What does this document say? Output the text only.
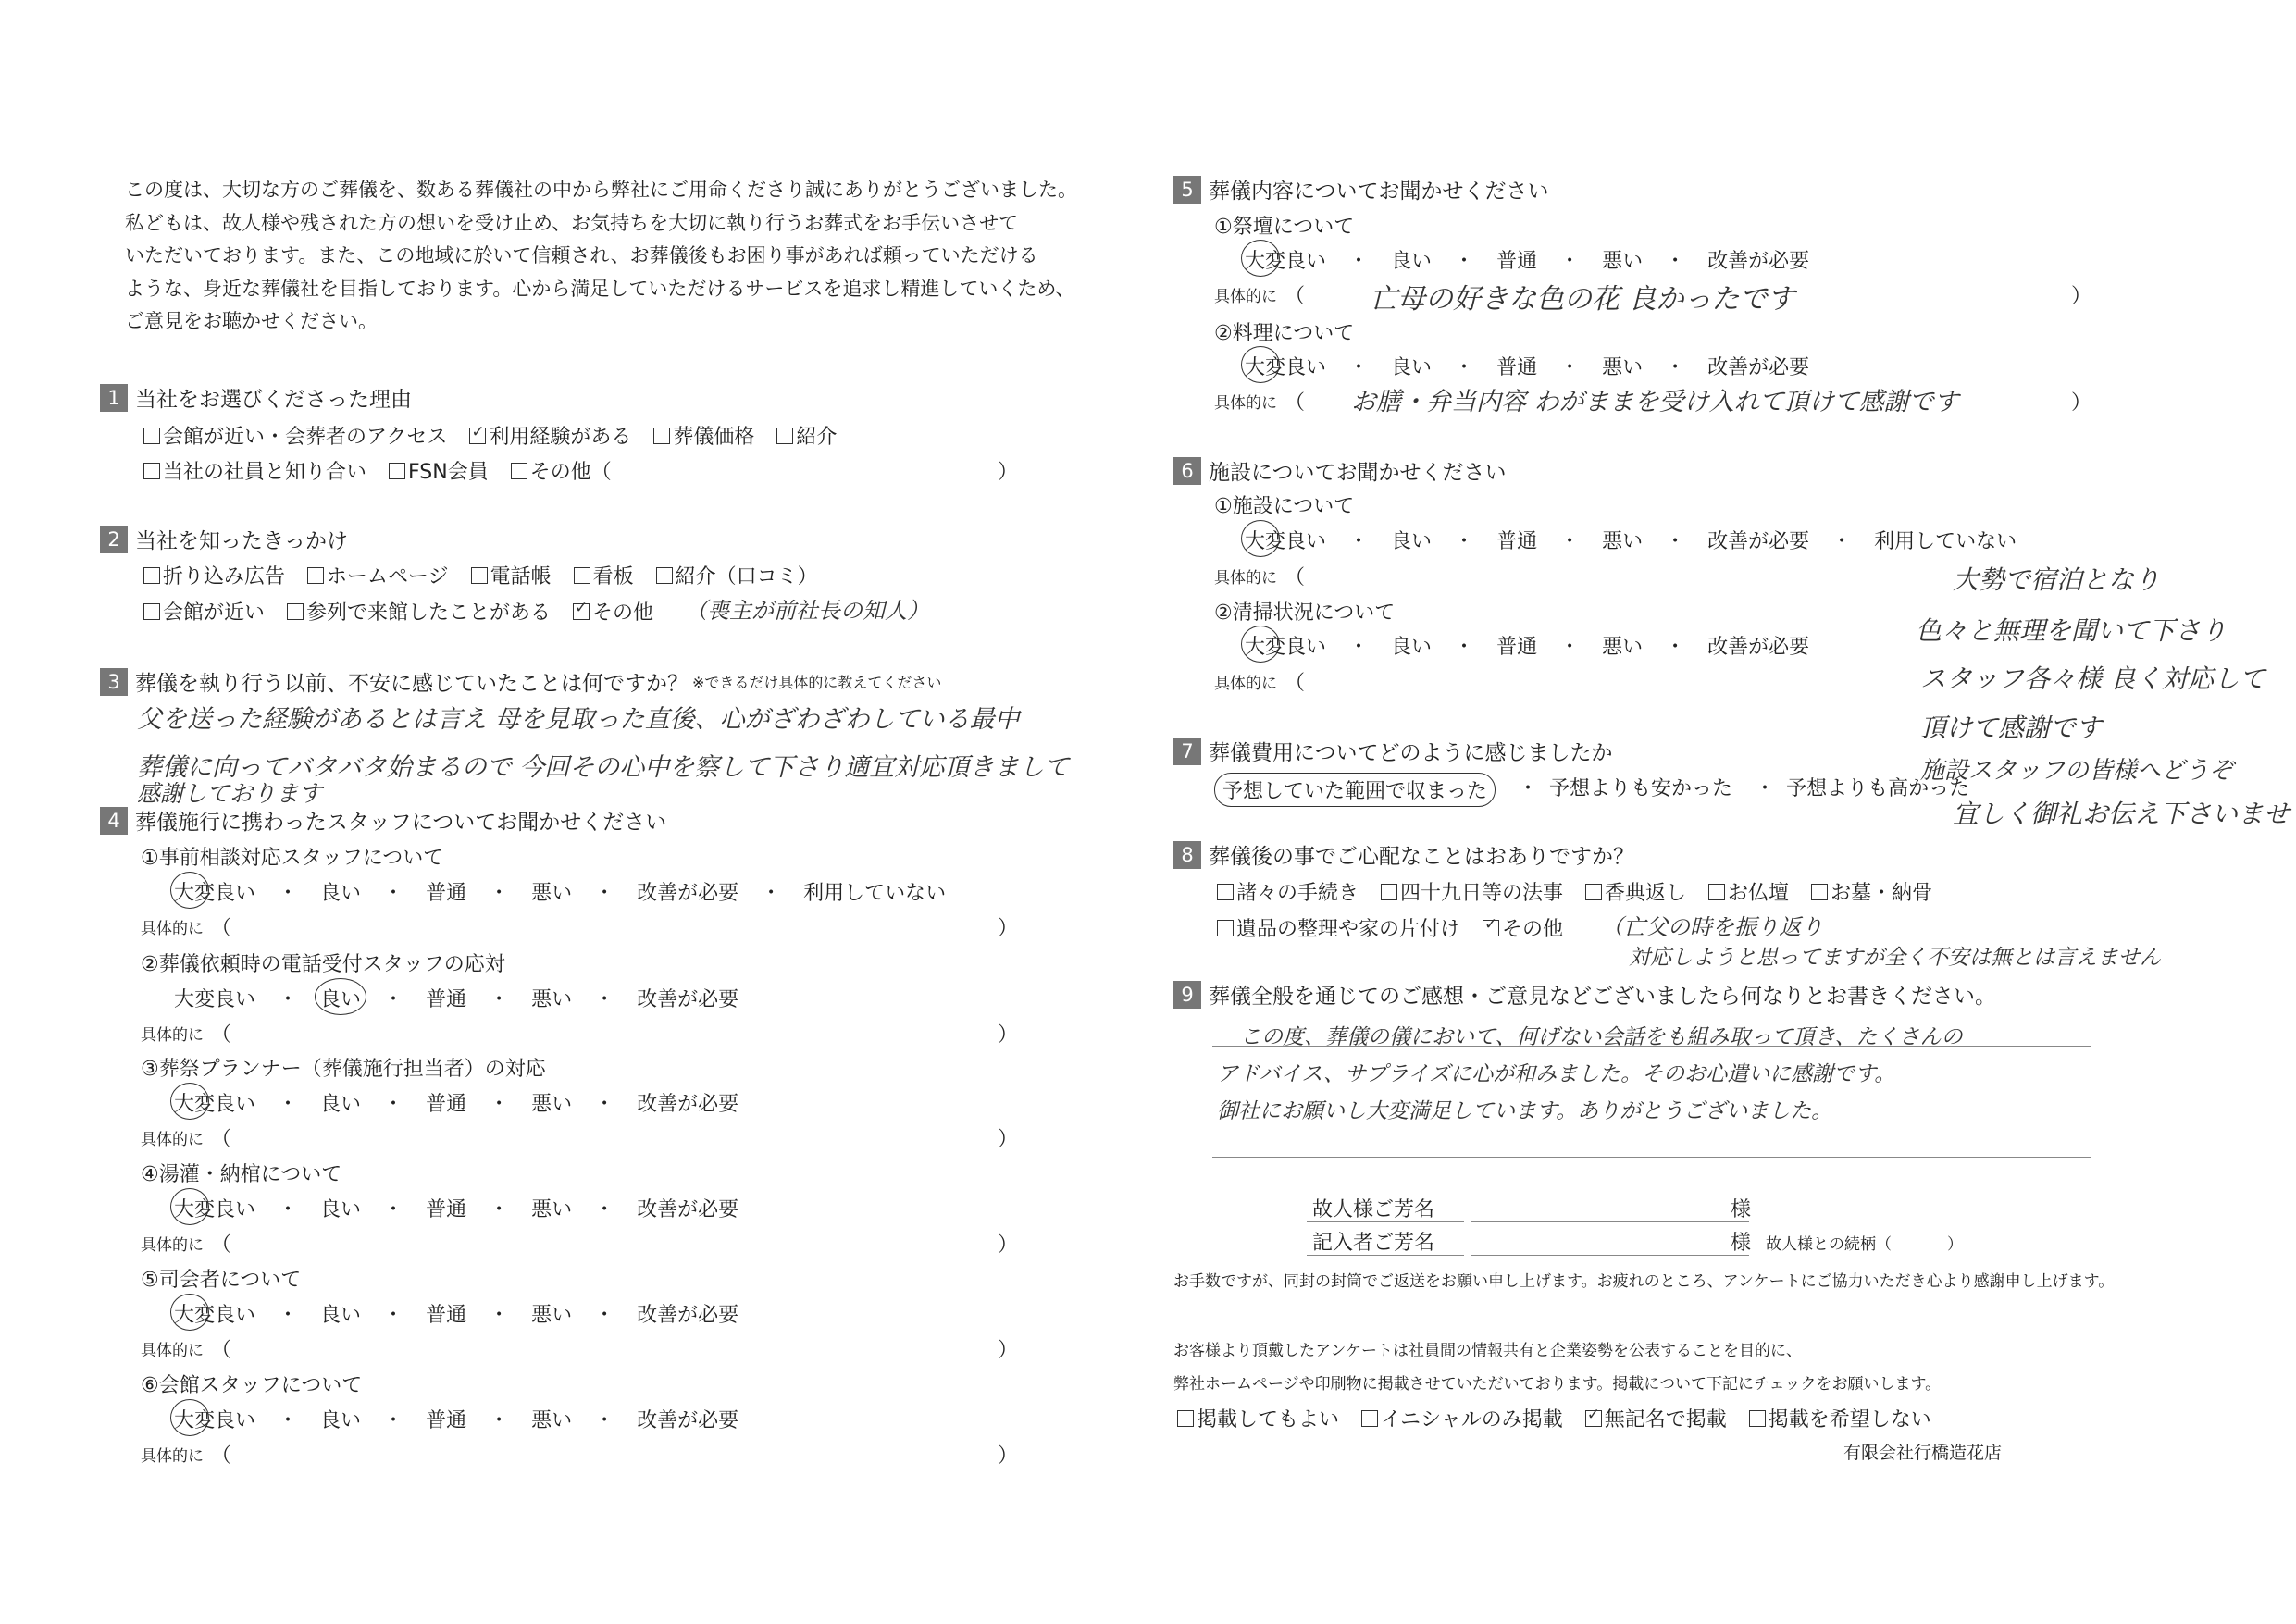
この度は、大切な方のご葬儀を、数ある葬儀社の中から弊社にご用命くださり誠にありがとうございました。
私どもは、故人様や残された方の想いを受け止め、お気持ちを大切に執り行うお葬式をお手伝いさせて
いただいております。また、この地域に於いて信頼され、お葬儀後もお困り事があれば頼っていただける
ような、身近な葬儀社を目指しております。心から満足していただけるサービスを追求し精進していくため、
ご意見をお聴かせください。
1 当社をお選びくださった理由
会館が近い・会葬者のアクセス ✓	利用経験がある	葬儀価格	紹介
当社の社員と知り合い	FSN会員	その他（	）
2 当社を知ったきっかけ
折り込み広告	ホームページ	電話帳	看板	紹介（口コミ）
会館が近い	参列で来館したことがある ✓	その他 （喪主が前社長の知人）
3 葬儀を執り行う以前、不安に感じていたことは何ですか？ ※できるだけ具体的に教えてください
父を送った経験があるとは言え 母を見取った直後、心がざわざわしている最中
葬儀に向ってバタバタ始まるので 今回その心中を察して下さり適宜対応頂きまして
感謝しております
4 葬儀施行に携わったスタッフについてお聞かせください
①事前相談対応スタッフについて
大変良い ・ 良い ・ 普通 ・ 悪い ・ 改善が必要 ・ 利用していない
具体的に （	）
②葬儀依頼時の電話受付スタッフの応対
大変良い ・ 良い ・ 普通 ・ 悪い ・ 改善が必要
具体的に （	）
③葬祭プランナー（葬儀施行担当者）の対応
大変良い ・ 良い ・ 普通 ・ 悪い ・ 改善が必要
具体的に （	）
④湯灌・納棺について
大変良い ・ 良い ・ 普通 ・ 悪い ・ 改善が必要
具体的に （	）
⑤司会者について
大変良い ・ 良い ・ 普通 ・ 悪い ・ 改善が必要
具体的に （	）
⑥会館スタッフについて
大変良い ・ 良い ・ 普通 ・ 悪い ・ 改善が必要
具体的に （	）
5 葬儀内容についてお聞かせください
①祭壇について
大変良い ・ 良い ・ 普通 ・ 悪い ・ 改善が必要
具体的に （	）
亡母の好きな色の花 良かったです
②料理について
大変良い ・ 良い ・ 普通 ・ 悪い ・ 改善が必要
具体的に （	）
お膳・弁当内容 わがままを受け入れて頂けて感謝です
6 施設についてお聞かせください
①施設について
大変良い ・ 良い ・ 普通 ・ 悪い ・ 改善が必要 ・ 利用していない
具体的に （
②清掃状況について
大変良い ・ 良い ・ 普通 ・ 悪い ・ 改善が必要
具体的に （
大勢で宿泊となり
色々と無理を聞いて下さり
スタッフ各々様 良く対応して
頂けて感謝です
施設スタッフの皆様へどうぞ
宜しく御礼お伝え下さいませ
7 葬儀費用についてどのように感じましたか
予想していた範囲で収まった	・ 予想よりも安かった ・ 予想よりも高かった
8 葬儀後の事でご心配なことはおありですか？
諸々の手続き	四十九日等の法事	香典返し	お仏壇	お墓・納骨
遺品の整理や家の片付け ✓	その他 （亡父の時を振り返り
対応しようと思ってますが全く不安は無とは言えません
9 葬儀全般を通じてのご感想・ご意見などございましたら何なりとお書きください。
この度、葬儀の儀において、何げない会話をも組み取って頂き、たくさんの
アドバイス、サプライズに心が和みました。そのお心遣いに感謝です。
御社にお願いし大変満足しています。ありがとうございました。
故人様ご芳名	様
記入者ご芳名	様 故人様との続柄（	）
お手数ですが、同封の封筒でご返送をお願い申し上げます。お疲れのところ、アンケートにご協力いただき心より感謝申し上げます。
お客様より頂戴したアンケートは社員間の情報共有と企業姿勢を公表することを目的に、
弊社ホームページや印刷物に掲載させていただいております。掲載について下記にチェックをお願いします。
掲載してもよい	イニシャルのみ掲載 ✓	無記名で掲載	掲載を希望しない
有限会社行橋造花店
